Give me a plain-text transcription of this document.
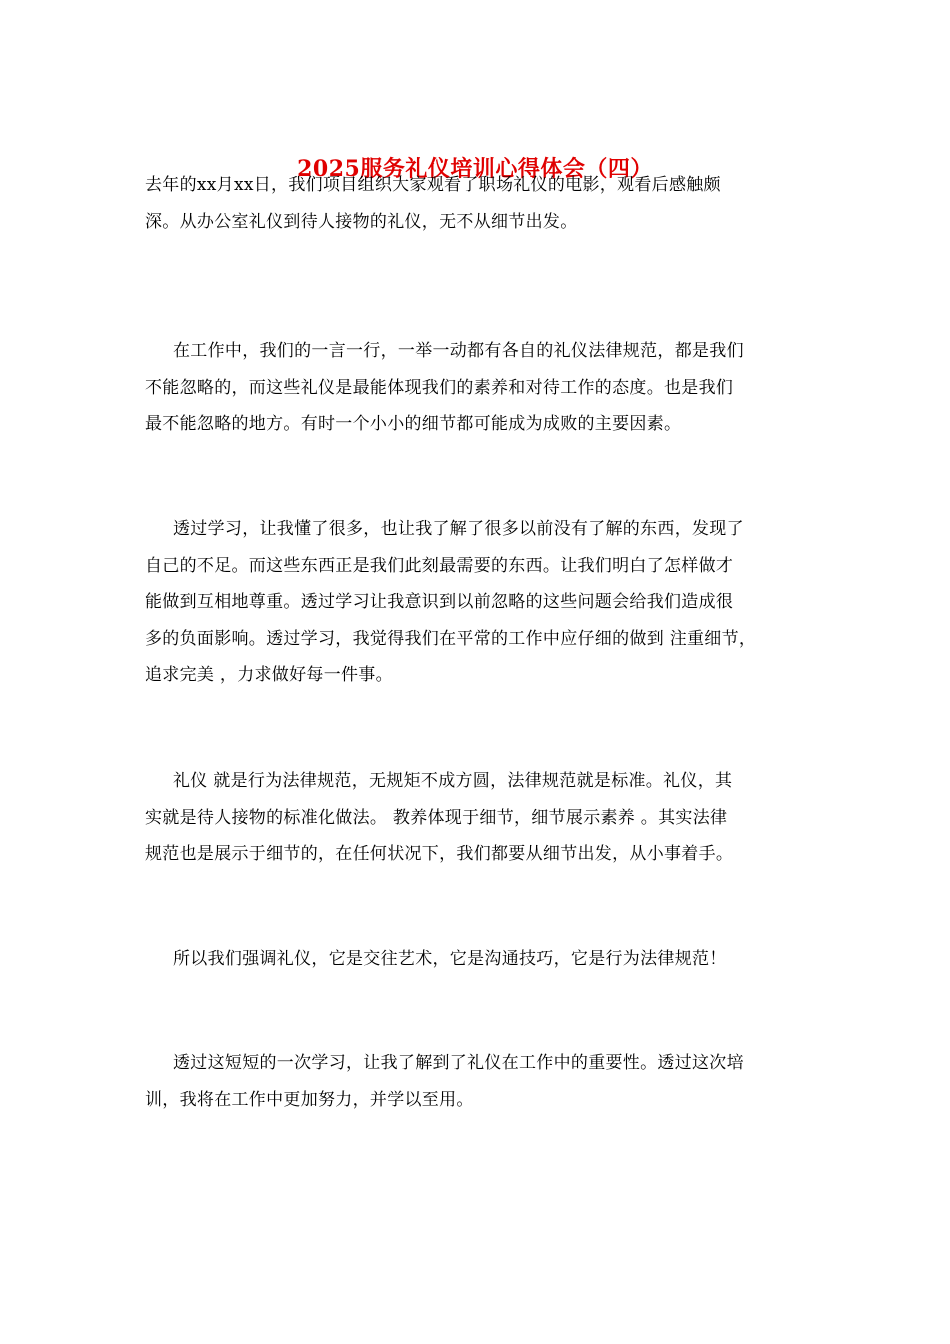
2025服务礼仪培训心得体会（四）
去年的xx月xx日，我们项目组织大家观看了职场礼仪的电影，观看后感触颇
深。从办公室礼仪到待人接物的礼仪，无不从细节出发。
在工作中，我们的一言一行，一举一动都有各自的礼仪法律规范，都是我们
不能忽略的，而这些礼仪是最能体现我们的素养和对待工作的态度。也是我们
最不能忽略的地方。有时一个小小的细节都可能成为成败的主要因素。
透过学习，让我懂了很多，也让我了解了很多以前没有了解的东西，发现了
自己的不足。而这些东西正是我们此刻最需要的东西。让我们明白了怎样做才
能做到互相地尊重。透过学习让我意识到以前忽略的这些问题会给我们造成很
多的负面影响。透过学习，我觉得我们在平常的工作中应仔细的做到 注重细节，
追求完美 ，力求做好每一件事。
礼仪 就是行为法律规范，无规矩不成方圆，法律规范就是标准。礼仪，其
实就是待人接物的标准化做法。 教养体现于细节，细节展示素养 。其实法律
规范也是展示于细节的，在任何状况下，我们都要从细节出发，从小事着手。
所以我们强调礼仪，它是交往艺术，它是沟通技巧，它是行为法律规范！
透过这短短的一次学习，让我了解到了礼仪在工作中的重要性。透过这次培
训，我将在工作中更加努力，并学以至用。
